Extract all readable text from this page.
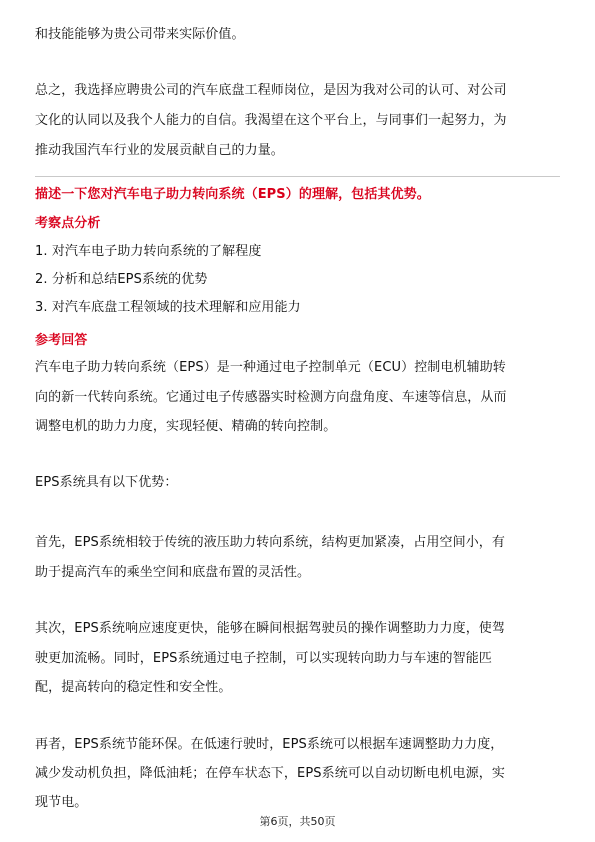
和技能能够为贵公司带来实际价值。
总之，我选择应聘贵公司的汽车底盘工程师岗位，是因为我对公司的认可、对公司
文化的认同以及我个人能力的自信。我渴望在这个平台上，与同事们一起努力，为
推动我国汽车行业的发展贡献自己的力量。
描述一下您对汽车电子助力转向系统（EPS）的理解，包括其优势。
考察点分析
1. 对汽车电子助力转向系统的了解程度
2. 分析和总结EPS系统的优势
3. 对汽车底盘工程领域的技术理解和应用能力
参考回答
汽车电子助力转向系统（EPS）是一种通过电子控制单元（ECU）控制电机辅助转
向的新一代转向系统。它通过电子传感器实时检测方向盘角度、车速等信息，从而
调整电机的助力力度，实现轻便、精确的转向控制。
EPS系统具有以下优势：
首先，EPS系统相较于传统的液压助力转向系统，结构更加紧凑，占用空间小，有
助于提高汽车的乘坐空间和底盘布置的灵活性。
其次，EPS系统响应速度更快，能够在瞬间根据驾驶员的操作调整助力力度，使驾
驶更加流畅。同时，EPS系统通过电子控制，可以实现转向助力与车速的智能匹
配，提高转向的稳定性和安全性。
再者，EPS系统节能环保。在低速行驶时，EPS系统可以根据车速调整助力力度，
减少发动机负担，降低油耗；在停车状态下，EPS系统可以自动切断电机电源，实
现节电。
第6页，共50页
